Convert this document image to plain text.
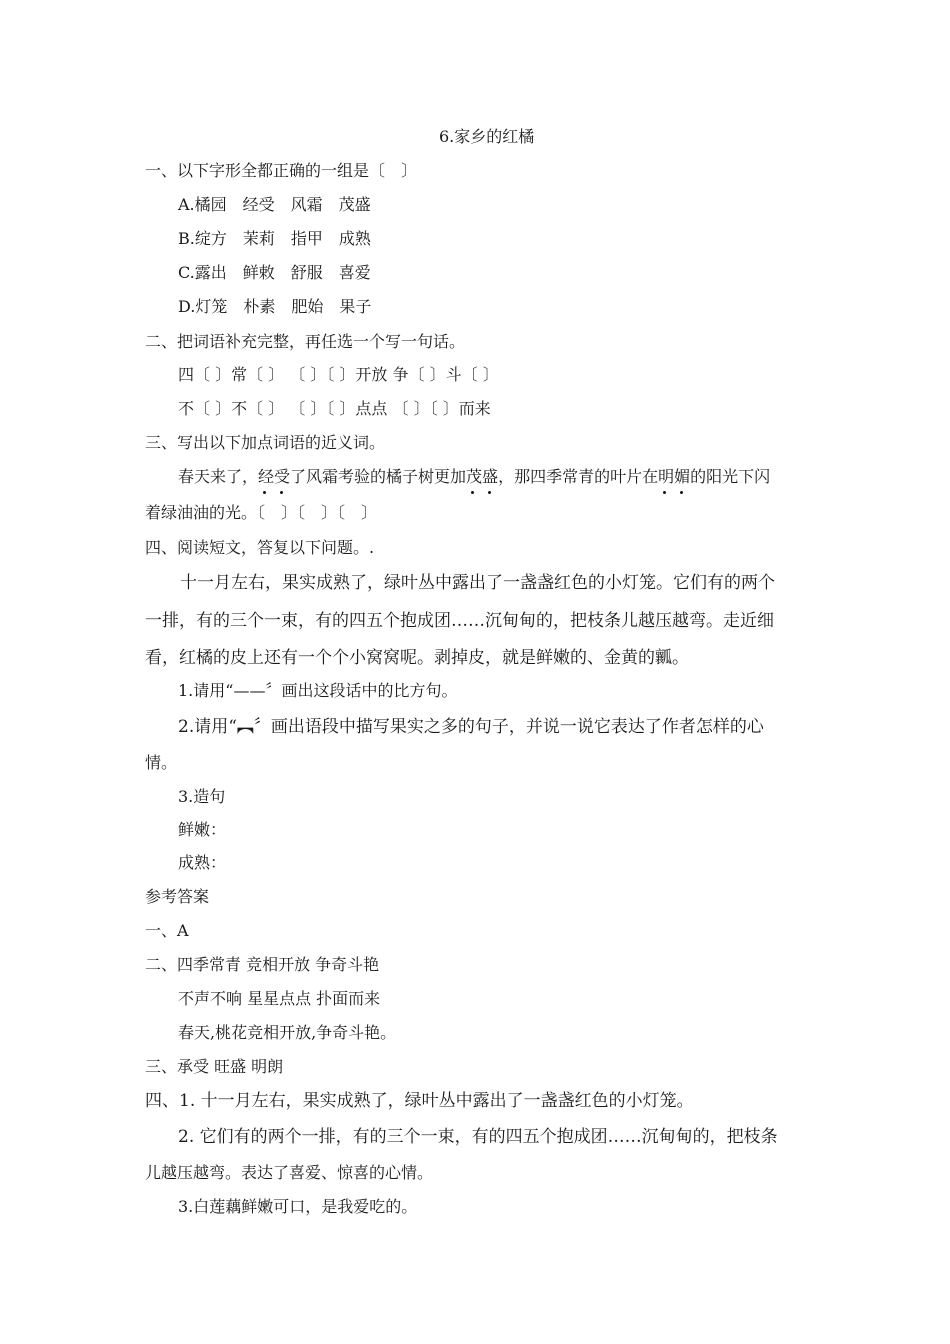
6.家乡的红橘
一、以下字形全都正确的一组是〔　〕
A.橘园　经受　风霜　茂盛
B.绽方　茉莉　指甲　成熟
C.露出　鲜敕　舒服　喜爱
D.灯笼　朴素　肥始　果子
二、把词语补充完整，再任选一个写一句话。
四〔 〕常〔 〕 〔 〕〔 〕开放 争〔 〕斗〔 〕
不〔 〕不〔 〕 〔 〕〔 〕点点 〔 〕〔 〕而来
三、写出以下加点词语的近义词。
春天来了，经受
了风霜考验的橘子树更加茂盛
，那四季常青的叶片在明媚
的阳光下闪
着绿油油的光。〔　〕〔　〕〔　〕
四、阅读短文，答复以下问题。.
十一月左右，果实成熟了，绿叶丛中露出了一盏盏红色的小灯笼。它们有的两个
一排，有的三个一束，有的四五个抱成团……沉甸甸的，把枝条儿越压越弯。走近细
看，红橘的皮上还有一个个小窝窝呢。剥掉皮，就是鲜嫩的、金黄的瓤。
1.请用“——〞画出这段话中的比方句。
2.请用“︻〞画出语段中描写果实之多的句子，并说一说它表达了作者怎样的心
情。
3.造句
鲜嫩：
成熟：
参考答案
一、A
二、四季常青 竞相开放 争奇斗艳
不声不响 星星点点 扑面而来
春天,桃花竞相开放,争奇斗艳。
三、承受 旺盛 明朗
四、1. 十一月左右，果实成熟了，绿叶丛中露出了一盏盏红色的小灯笼。
2. 它们有的两个一排，有的三个一束，有的四五个抱成团……沉甸甸的，把枝条
儿越压越弯。表达了喜爱、惊喜的心情。
3.白莲藕鲜嫩可口，是我爱吃的。
